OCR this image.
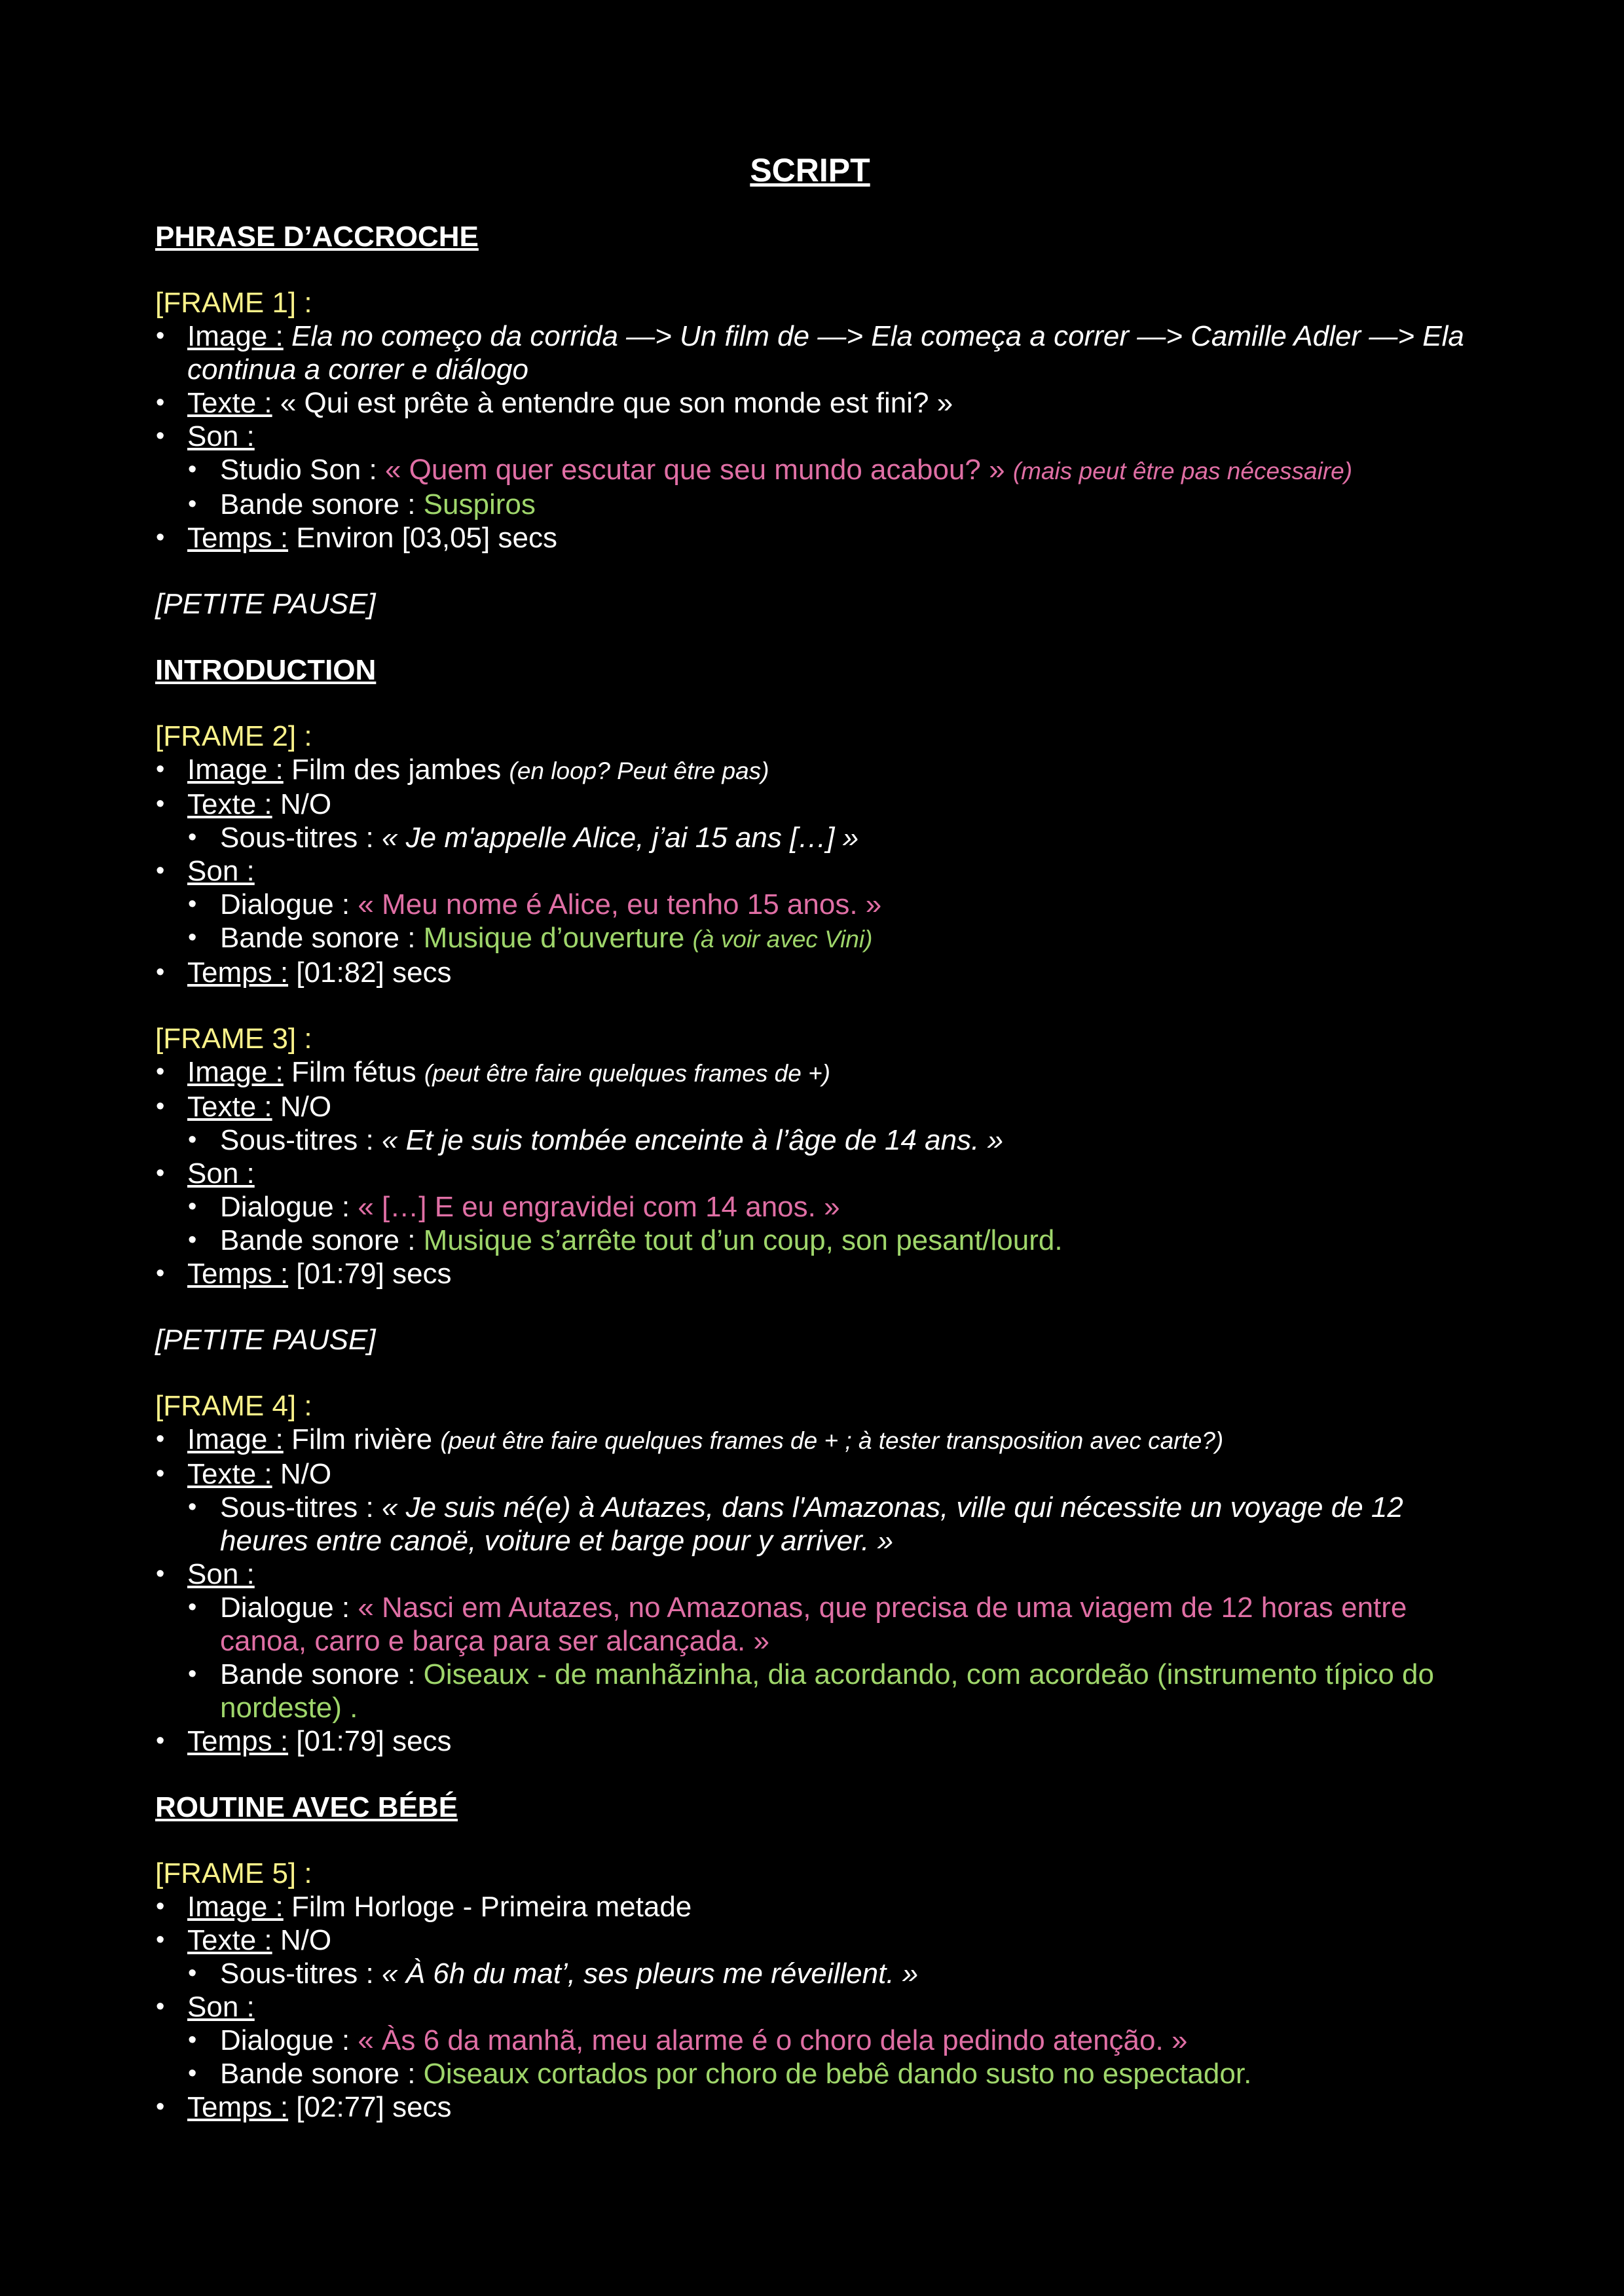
SCRIPT
PHRASE D’ACCROCHE
[FRAME 1] :
• Image : Ela no começo da corrida —> Un film de —> Ela começa a correr —> Camille Adler —> Ela continua a correr e diálogo
• Texte : « Qui est prête à entendre que son monde est fini? »
• Son :
• Studio Son : « Quem quer escutar que seu mundo acabou? » (mais peut être pas nécessaire)
• Bande sonore : Suspiros
• Temps : Environ [03,05] secs
[PETITE PAUSE]
INTRODUCTION
[FRAME 2] :
• Image : Film des jambes (en loop? Peut être pas)
• Texte : N/O
• Sous-titres : « Je m'appelle Alice, j’ai 15 ans […] »
• Son :
• Dialogue : « Meu nome é Alice, eu tenho 15 anos. »
• Bande sonore : Musique d’ouverture (à voir avec Vini)
• Temps : [01:82] secs
[FRAME 3] :
• Image : Film fétus (peut être faire quelques frames de +)
• Texte : N/O
• Sous-titres : « Et je suis tombée enceinte à l’âge de 14 ans. »
• Son :
• Dialogue : « […] E eu engravidei com 14 anos. »
• Bande sonore : Musique s’arrête tout d’un coup, son pesant/lourd.
• Temps : [01:79] secs
[PETITE PAUSE]
[FRAME 4] :
• Image : Film rivière (peut être faire quelques frames de + ; à tester transposition avec carte?)
• Texte : N/O
• Sous-titres : « Je suis né(e) à Autazes, dans l'Amazonas, ville qui nécessite un voyage de 12 heures entre canoë, voiture et barge pour y arriver. »
• Son :
• Dialogue : « Nasci em Autazes, no Amazonas, que precisa de uma viagem de 12 horas entre canoa, carro e barça para ser alcançada. »
• Bande sonore : Oiseaux - de manhãzinha, dia acordando, com acordeão (instrumento típico do nordeste) .
• Temps : [01:79] secs
ROUTINE AVEC BÉBÉ
[FRAME 5] :
• Image : Film Horloge - Primeira metade
• Texte : N/O
• Sous-titres : « À 6h du mat’, ses pleurs me réveillent. »
• Son :
• Dialogue : « Às 6 da manhã, meu alarme é o choro dela pedindo atenção. »
• Bande sonore : Oiseaux cortados por choro de bebê dando susto no espectador.
• Temps : [02:77] secs
